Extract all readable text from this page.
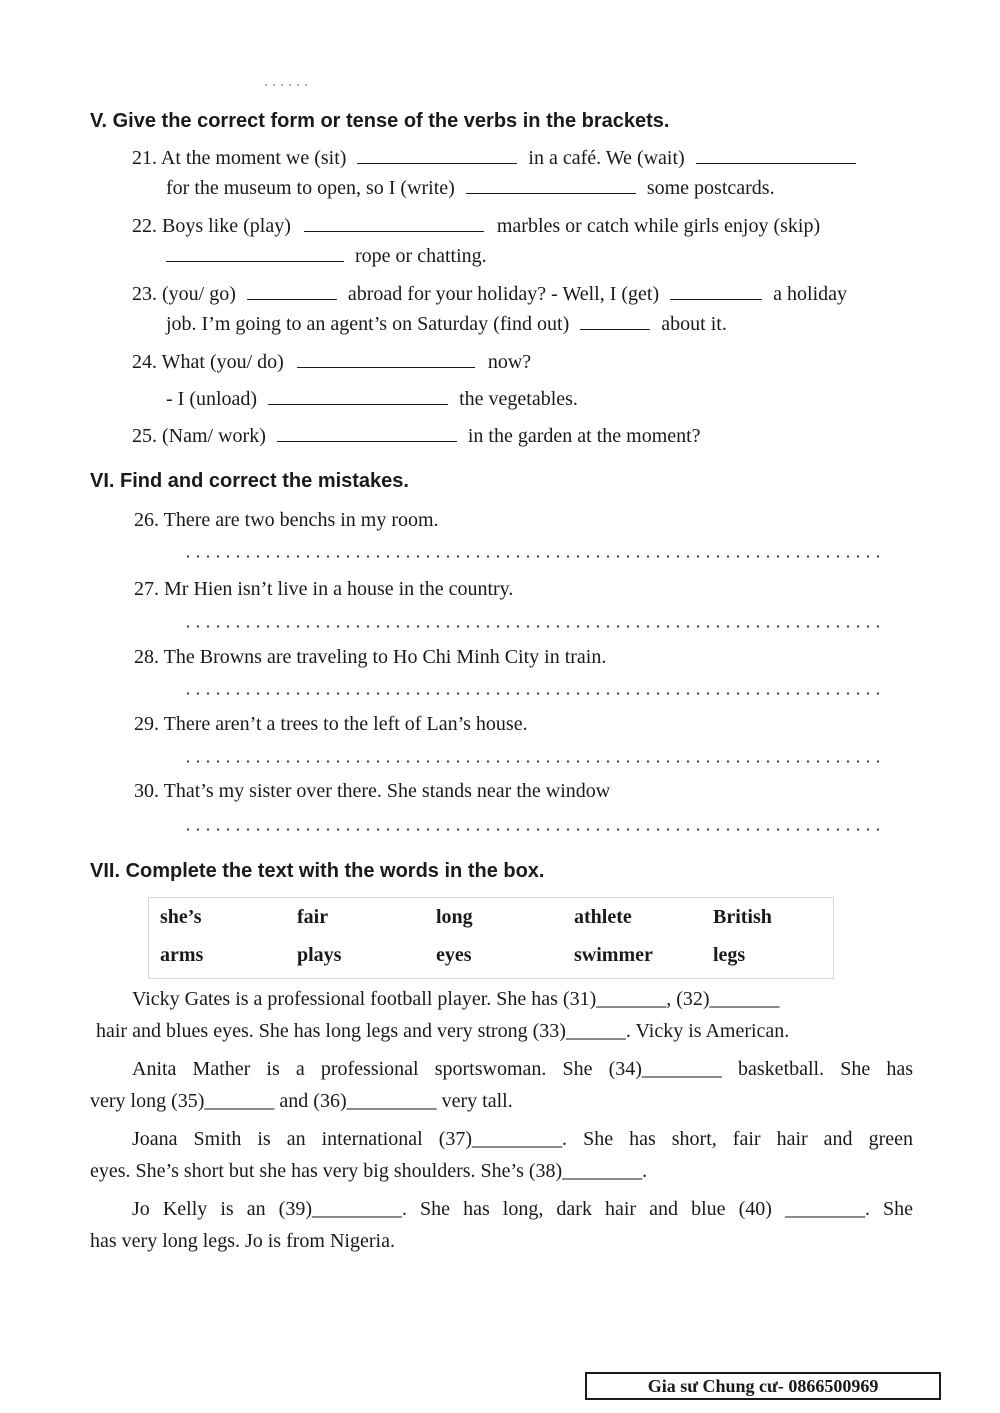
V. Give the correct form or tense of the verbs in the brackets.
21. At the moment we (sit)	in a café. We (wait)
for the museum to open, so I (write)	some postcards.
22. Boys like (play)	marbles or catch while girls enjoy (skip)
rope or chatting.
23. (you/ go)	abroad for your holiday? - Well, I (get)	a holiday
job. I’m going to an agent’s on Saturday (find out)	about it.
24. What (you/ do)	now?
- I (unload)	the vegetables.
25. (Nam/ work)	in the garden at the moment?
VI. Find and correct the mistakes.
26. There are two benchs in my room.
27. Mr Hien isn’t live in a house in the country.
28. The Browns are traveling to Ho Chi Minh City in train.
29. There aren’t a trees to the left of Lan’s house.
30. That’s my sister over there. She stands near the window
VII. Complete the text with the words in the box.
she’s	fair	long	athlete	British
arms	plays	eyes	swimmer	legs
Vicky Gates is a professional football player. She has (31)_______, (32)_______
hair and blues eyes. She has long legs and very strong (33)______. Vicky is American.
Anita Mather is a professional sportswoman. She (34)________ basketball. She has
very long (35)_______ and (36)_________ very tall.
Joana Smith is an international (37)_________. She has short, fair hair and green
eyes. She’s short but she has very big shoulders. She’s (38)________.
Jo Kelly is an (39)_________. She has long, dark hair and blue (40) ________. She
has very long legs. Jo is from Nigeria.
Gia sư Chung cư- 0866500969
